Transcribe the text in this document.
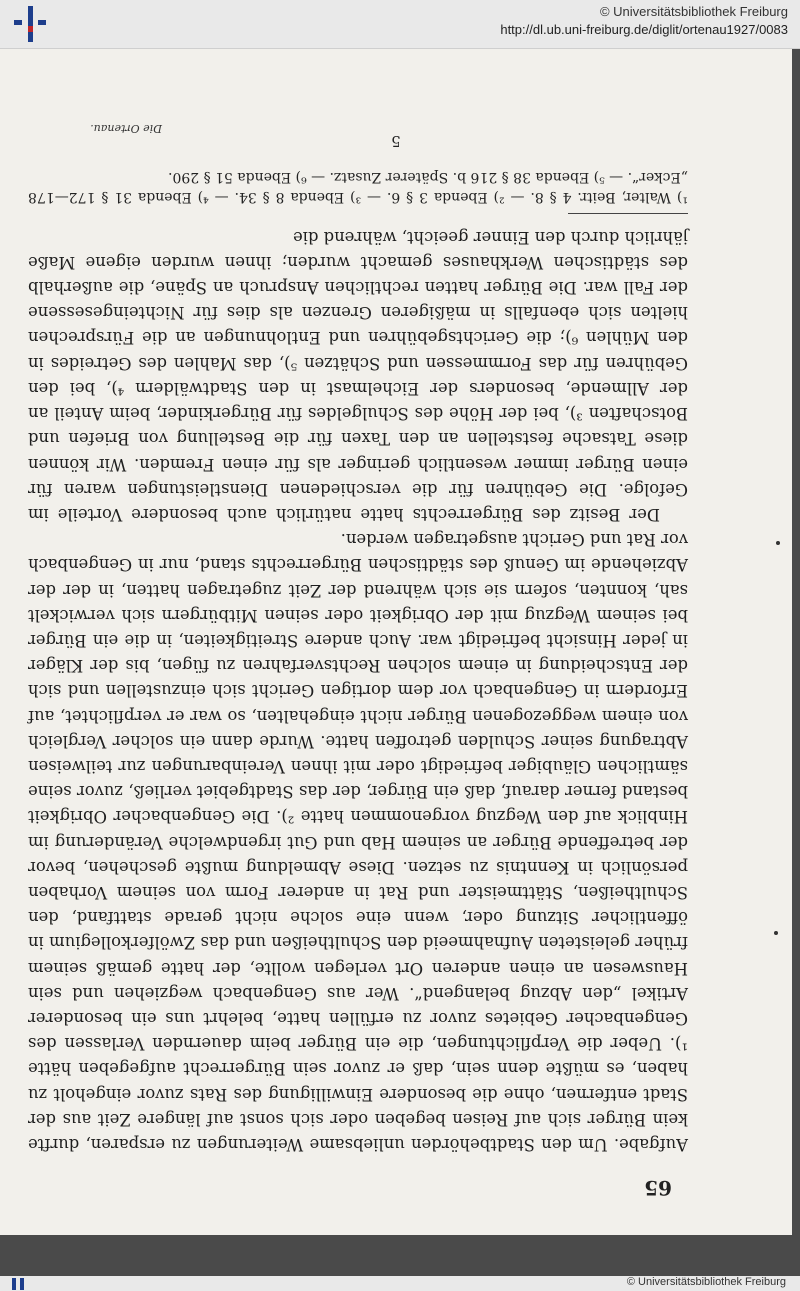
65

Aufgabe. Um den Stadtbehörden unliebsame Weiterungen zu ersparen, durfte kein Bürger sich auf Reisen begeben oder sich sonst auf längere Zeit aus der Stadt entfernen, ohne die besondere Einwilligung des Rats zuvor eingeholt zu haben, es müßte denn sein, daß er zuvor sein Bürgerrecht aufgegeben hätte ¹). Ueber die Verpflichtungen, die ein Bürger beim dauernden Verlassen des Gengenbacher Gebietes zuvor zu erfüllen hatte, belehrt uns ein besonderer Artikel „den Abzug belangend“. Wer aus Gengenbach wegziehen und sein Hauswesen an einen anderen Ort verlegen wollte, der hatte gemäß seinem früher geleisteten Aufnahmeeid den Schultheißen und das Zwölferkollegium in öffentlicher Sitzung oder, wenn eine solche nicht gerade stattfand, den Schultheißen, Stättmeister und Rat in anderer Form von seinem Vorhaben persönlich in Kenntnis zu setzen. Diese Abmeldung mußte geschehen, bevor der betreffende Bürger an seinem Hab und Gut irgendwelche Veränderung im Hinblick auf den Wegzug vorgenommen hatte ²). Die Gengenbacher Obrigkeit bestand ferner darauf, daß ein Bürger, der das Stadtgebiet verließ, zuvor seine sämtlichen Gläubiger befriedigt oder mit ihnen Vereinbarungen zur teilweisen Abtragung seiner Schulden getroffen hatte. Wurde dann ein solcher Vergleich von einem weggezogenen Bürger nicht eingehalten, so war er verpflichtet, auf Erfordern in Gengenbach vor dem dortigen Gericht sich einzustellen und sich der Entscheidung in einem solchen Rechtsverfahren zu fügen, bis der Kläger in jeder Hinsicht befriedigt war. Auch andere Streitigkeiten, in die ein Bürger bei seinem Wegzug mit der Obrigkeit oder seinen Mitbürgern sich verwickelt sah, konnten, sofern sie sich während der Zeit zugetragen hatten, in der der Abziehende im Genuß des städtischen Bürgerrechts stand, nur in Gengenbach vor Rat und Gericht ausgetragen werden.

Der Besitz des Bürgerrechts hatte natürlich auch besondere Vorteile im Gefolge. Die Gebühren für die verschiedenen Dienstleistungen waren für einen Bürger immer wesentlich geringer als für einen Fremden. Wir können diese Tatsache feststellen an den Taxen für die Bestellung von Briefen und Botschaften ³), bei der Höhe des Schulgeldes für Bürgerkinder, beim Anteil an der Allmende, besonders der Eichelmast in den Stadtwäldern ⁴), bei den Gebühren für das Formmessen und Schätzen ⁵), das Mahlen des Getreides in den Mühlen ⁶); die Gerichtsgebühren und Entlohnungen an die Fürsprechen hielten sich ebenfalls in mäßigeren Grenzen als dies für Nichteingesessene der Fall war. Die Bürger hatten rechtlichen Anspruch an Späne, die außerhalb des städtischen Werkhauses gemacht wurden; ihnen wurden eigene Maße jährlich durch den Einner geeicht, während die

¹) Walter, Beitr. 4 § 8. — ²) Ebenda 3 § 6. — ³) Ebenda 8 § 34. — ⁴) Ebenda 31 § 172—178 „Ecker“. — ⁵) Ebenda 38 § 216 b. Späterer Zusatz. — ⁶) Ebenda 51 § 290.
5
Die Ortenau.
© Universitätsbibliothek Freiburg
http://dl.ub.uni-freiburg.de/diglit/ortenau1927/0083
© Universitätsbibliothek Freiburg
